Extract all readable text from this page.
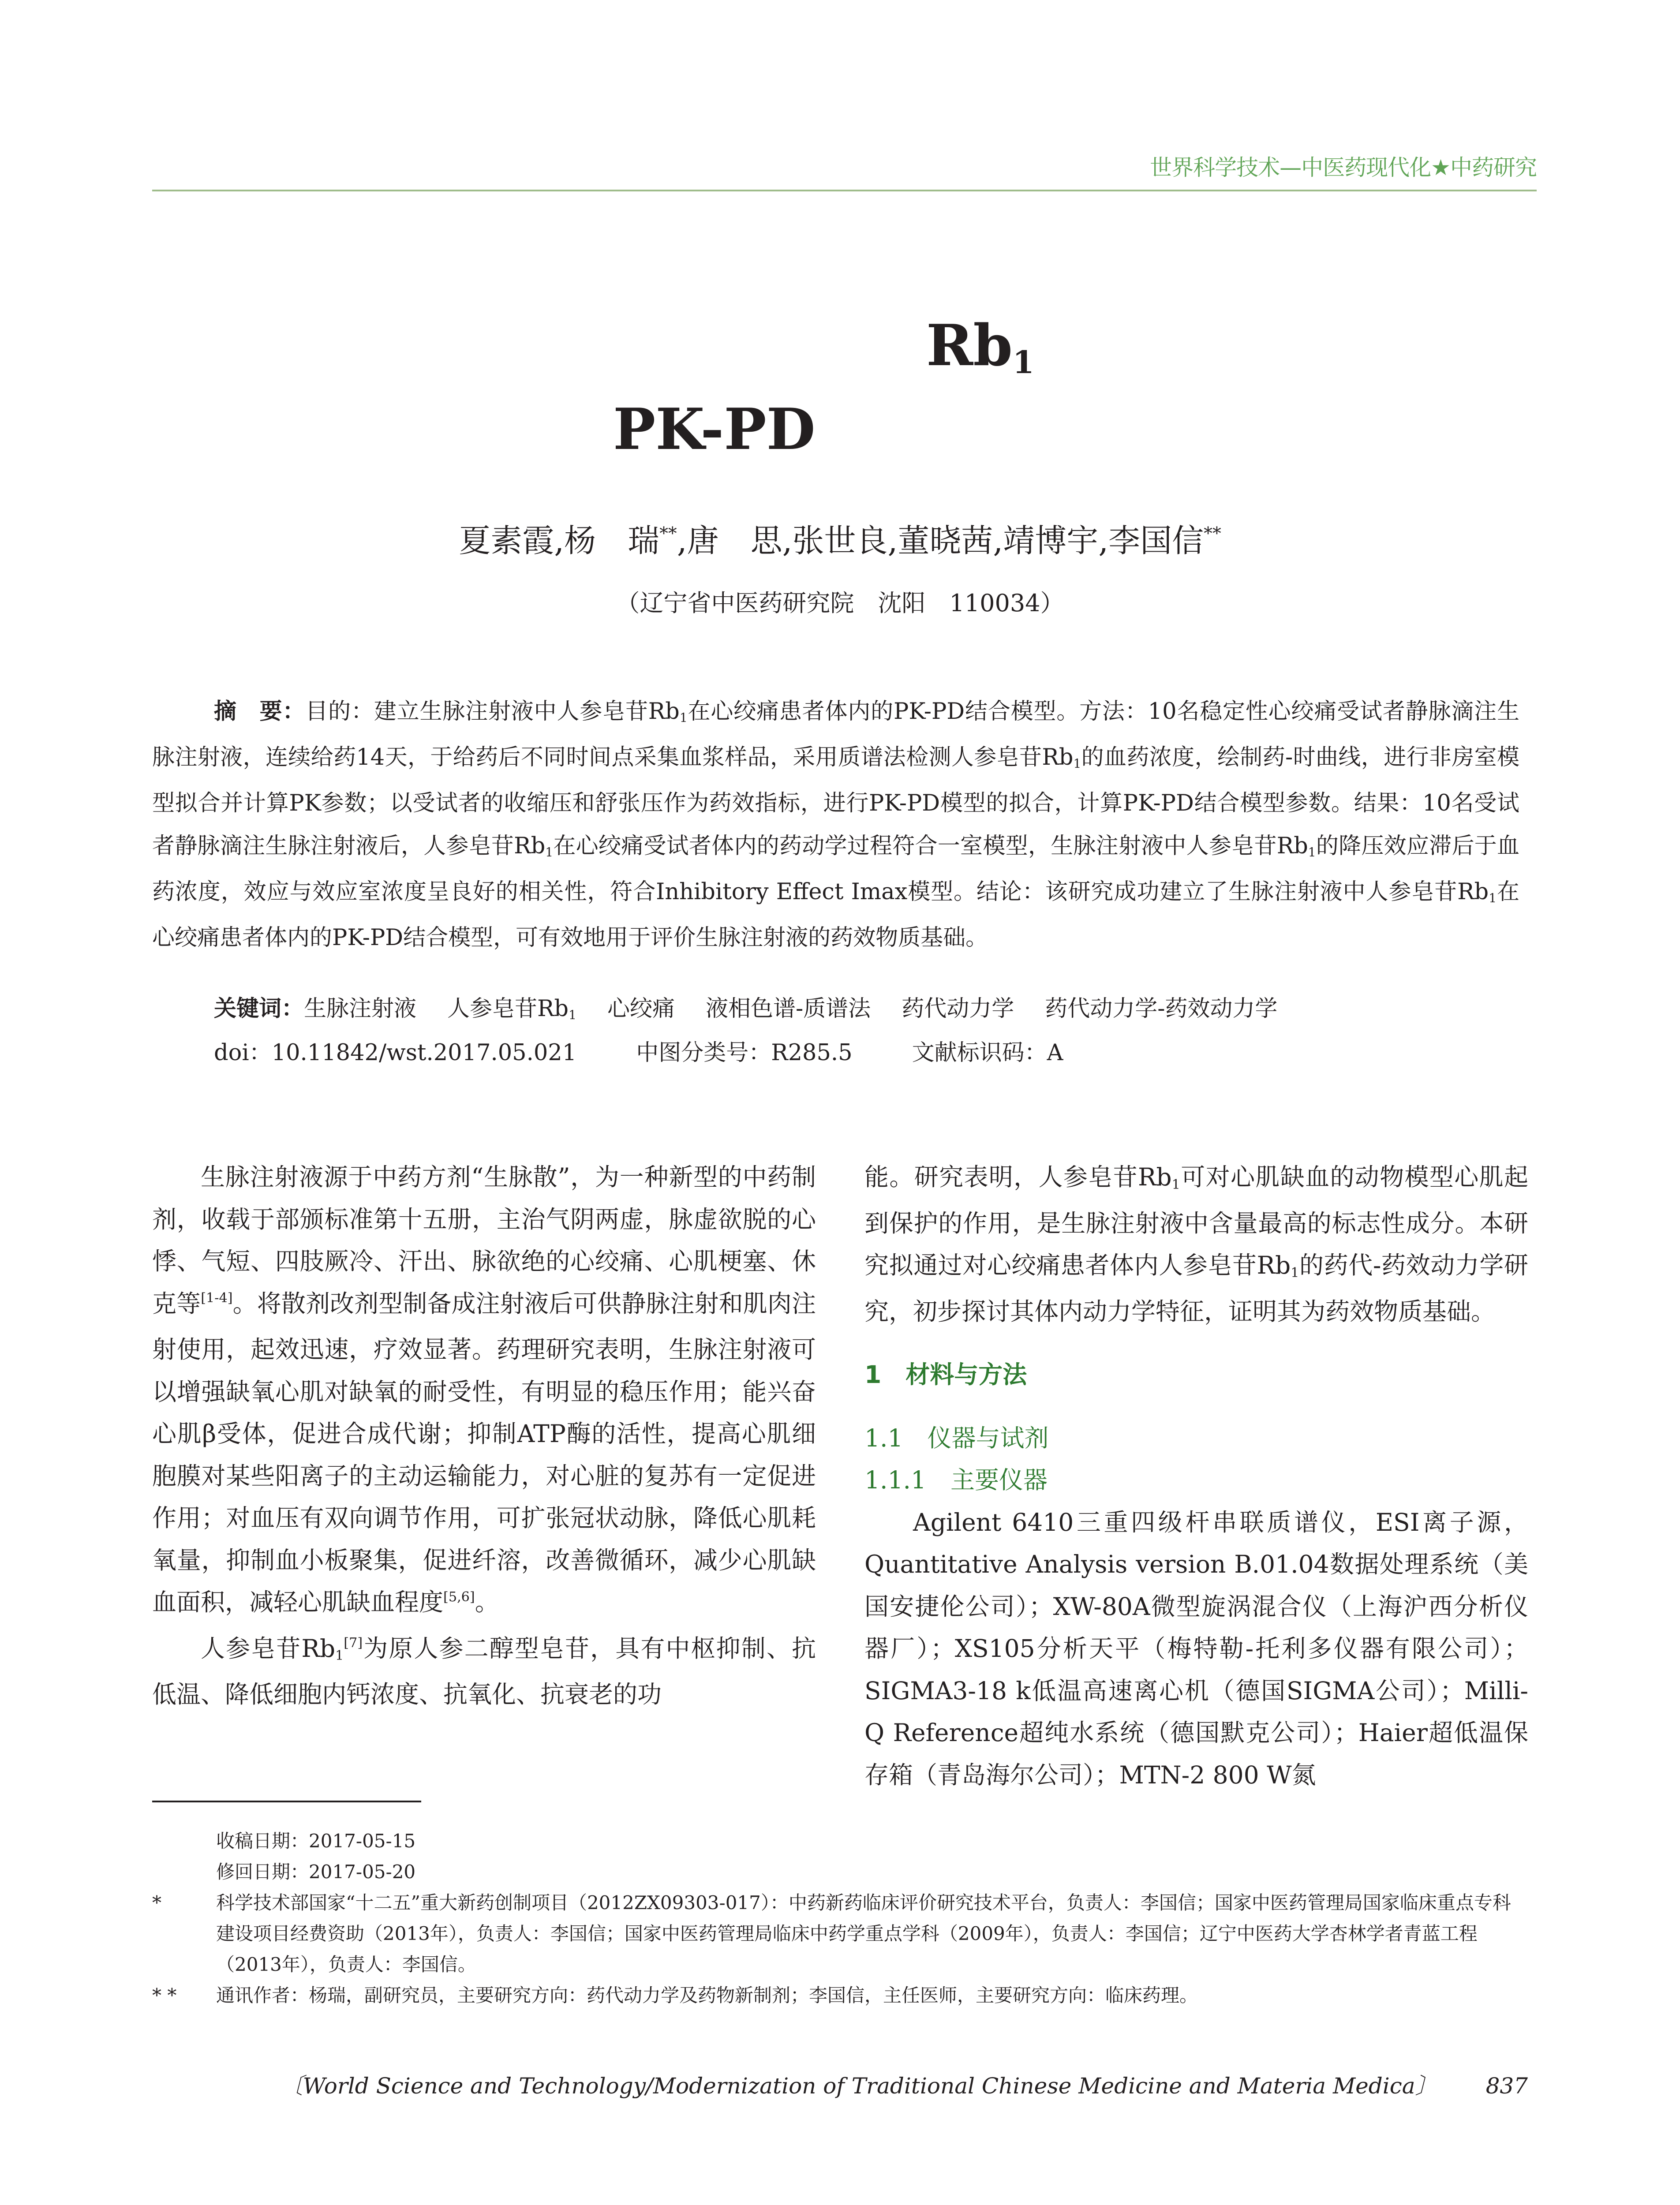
世界科学技术—中医药现代化★中药研究
Rb1
PK-PD
夏素霞,杨　瑞**,唐　思,张世良,董晓茜,靖博宇,李国信**
（辽宁省中医药研究院　沈阳　110034）
摘　要：目的：建立生脉注射液中人参皂苷Rb1在心绞痛患者体内的PK-PD结合模型。方法：10名稳定性心绞痛受试者静脉滴注生脉注射液，连续给药14天，于给药后不同时间点采集血浆样品，采用质谱法检测人参皂苷Rb1的血药浓度，绘制药-时曲线，进行非房室模型拟合并计算PK参数；以受试者的收缩压和舒张压作为药效指标，进行PK-PD模型的拟合，计算PK-PD结合模型参数。结果：10名受试者静脉滴注生脉注射液后，人参皂苷Rb1在心绞痛受试者体内的药动学过程符合一室模型，生脉注射液中人参皂苷Rb1的降压效应滞后于血药浓度，效应与效应室浓度呈良好的相关性，符合Inhibitory Effect Imax模型。结论：该研究成功建立了生脉注射液中人参皂苷Rb1在心绞痛患者体内的PK-PD结合模型，可有效地用于评价生脉注射液的药效物质基础。
关键词：生脉注射液 人参皂苷Rb1 心绞痛 液相色谱-质谱法 药代动力学 药代动力学-药效动力学
doi：10.11842/wst.2017.05.021	中图分类号：R285.5	文献标识码：A

生脉注射液源于中药方剂“生脉散”，为一种新型的中药制剂，收载于部颁标准第十五册，主治气阴两虚，脉虚欲脱的心悸、气短、四肢厥冷、汗出、脉欲绝的心绞痛、心肌梗塞、休克等[1-4]。将散剂改剂型制备成注射液后可供静脉注射和肌肉注射使用，起效迅速，疗效显著。药理研究表明，生脉注射液可以增强缺氧心肌对缺氧的耐受性，有明显的稳压作用；能兴奋心肌β受体，促进合成代谢；抑制ATP酶的活性，提高心肌细胞膜对某些阳离子的主动运输能力，对心脏的复苏有一定促进作用；对血压有双向调节作用，可扩张冠状动脉，降低心肌耗氧量，抑制血小板聚集，促进纤溶，改善微循环，减少心肌缺血面积，减轻心肌缺血程度[5,6]。

人参皂苷Rb1[7]为原人参二醇型皂苷，具有中枢抑制、抗低温、降低细胞内钙浓度、抗氧化、抗衰老的功

能。研究表明，人参皂苷Rb1可对心肌缺血的动物模型心肌起到保护的作用，是生脉注射液中含量最高的标志性成分。本研究拟通过对心绞痛患者体内人参皂苷Rb1的药代-药效动力学研究，初步探讨其体内动力学特征，证明其为药效物质基础。

1　材料与方法

1.1　仪器与试剂

1.1.1　主要仪器

Agilent 6410三重四级杆串联质谱仪，ESI离子源，Quantitative Analysis version B.01.04数据处理系统（美国安捷伦公司）；XW-80A微型旋涡混合仪（上海沪西分析仪器厂）；XS105分析天平（梅特勒-托利多仪器有限公司）；SIGMA3-18 k低温高速离心机（德国SIGMA公司）；Milli-Q Reference超纯水系统（德国默克公司）；Haier超低温保存箱（青岛海尔公司）；MTN-2 800 W氮

收稿日期：2017-05-15
修回日期：2017-05-20
*	科学技术部国家“十二五”重大新药创制项目（2012ZX09303-017）：中药新药临床评价研究技术平台，负责人：李国信；国家中医药管理局国家临床重点专科建设项目经费资助（2013年），负责人：李国信；国家中医药管理局临床中药学重点学科（2009年），负责人：李国信；辽宁中医药大学杏林学者青蓝工程（2013年），负责人：李国信。
* *	通讯作者：杨瑞，副研究员，主要研究方向：药代动力学及药物新制剂；李国信，主任医师，主要研究方向：临床药理。
〔World Science and Technology/Modernization of Traditional Chinese Medicine and Materia Medica〕 837
